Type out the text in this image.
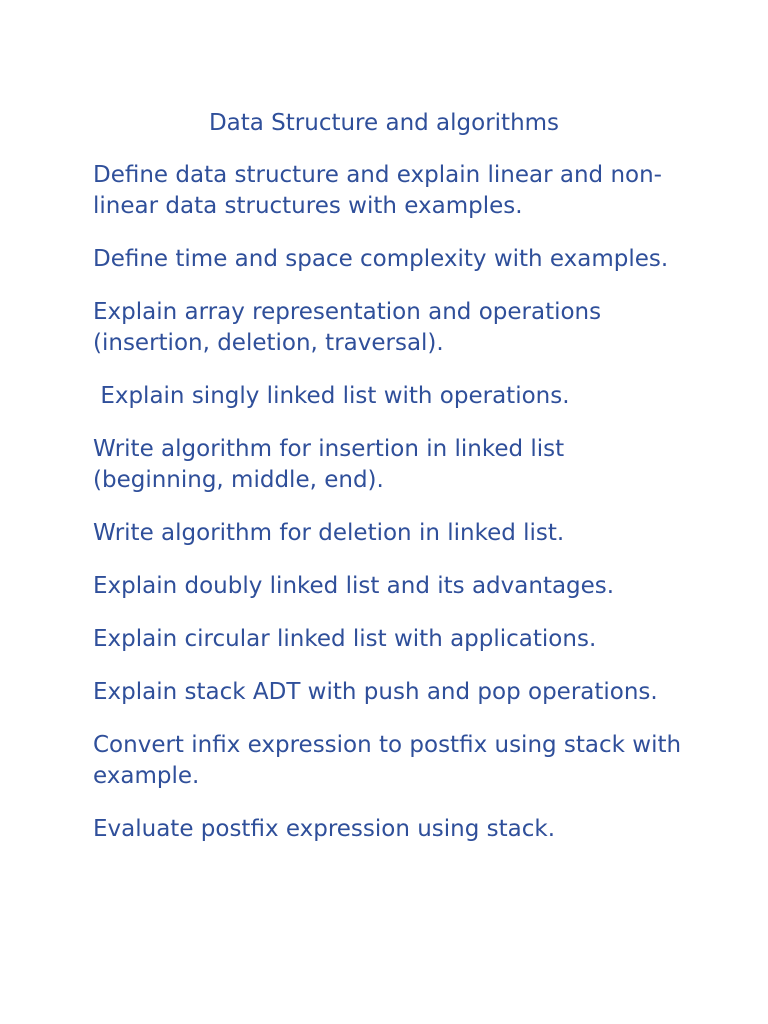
Data Structure and algorithms
Define data structure and explain linear and non-linear data structures with examples.
Define time and space complexity with examples.
Explain array representation and operations (insertion, deletion, traversal).
Explain singly linked list with operations.
Write algorithm for insertion in linked list (beginning, middle, end).
Write algorithm for deletion in linked list.
Explain doubly linked list and its advantages.
Explain circular linked list with applications.
Explain stack ADT with push and pop operations.
Convert infix expression to postfix using stack with example.
Evaluate postfix expression using stack.
